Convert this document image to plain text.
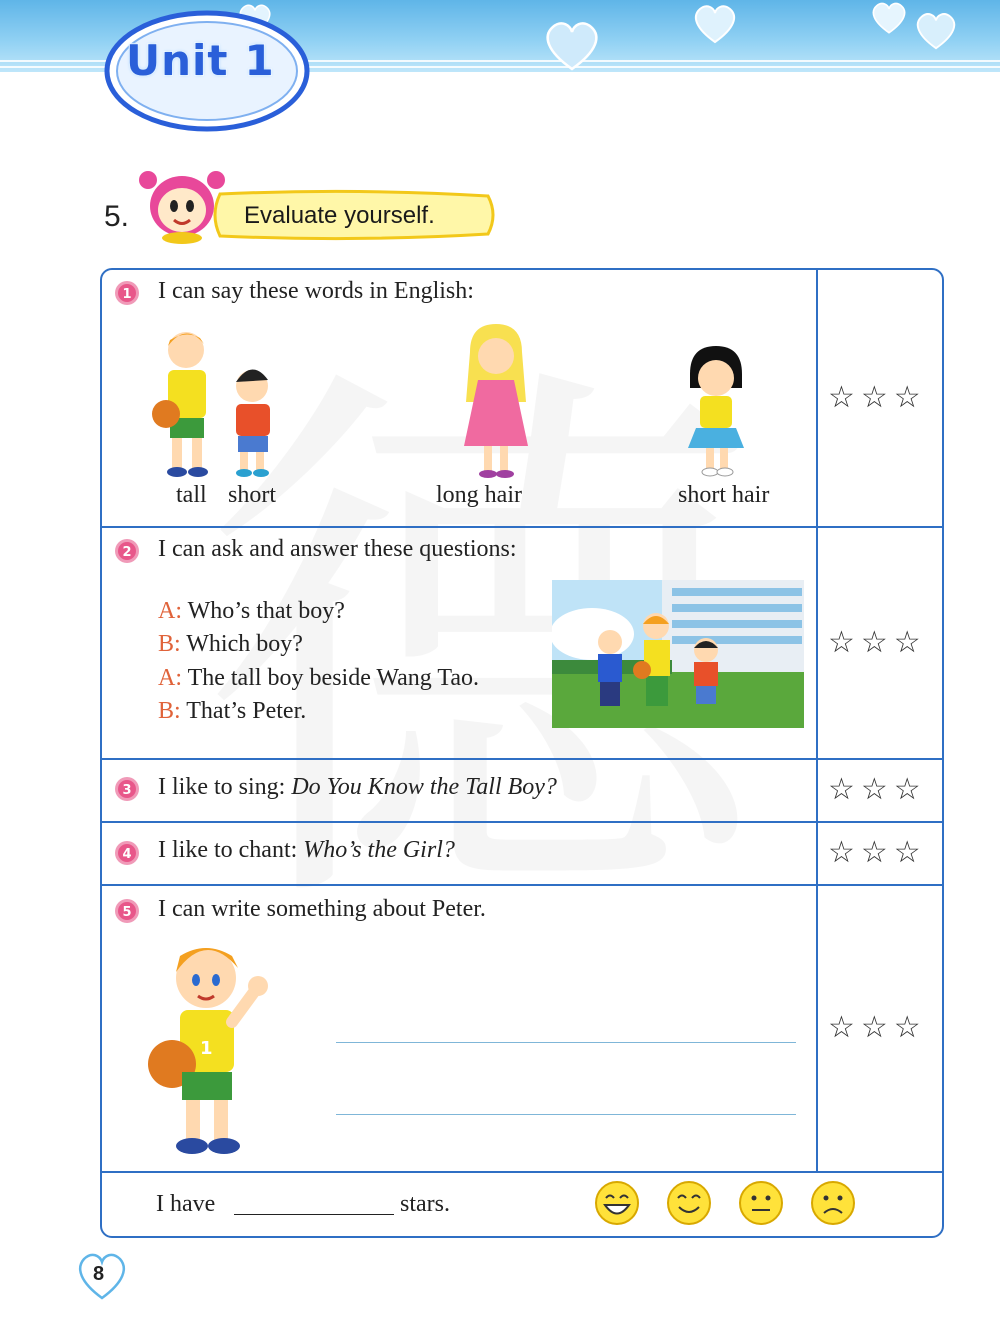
Unit 1
5.	Evaluate yourself.
1 I can say these words in English:
tall short	long hair	short hair
☆☆☆
2 I can ask and answer these questions:
A: Who’s that boy?
B: Which boy?
A: The tall boy beside Wang Tao.
B: That’s Peter.
☆☆☆
3 I like to sing: Do You Know the Tall Boy?	☆☆☆
4 I like to chant: Who’s the Girl?	☆☆☆
5 I can write something about Peter.
1
☆☆☆
I have	stars.
8
